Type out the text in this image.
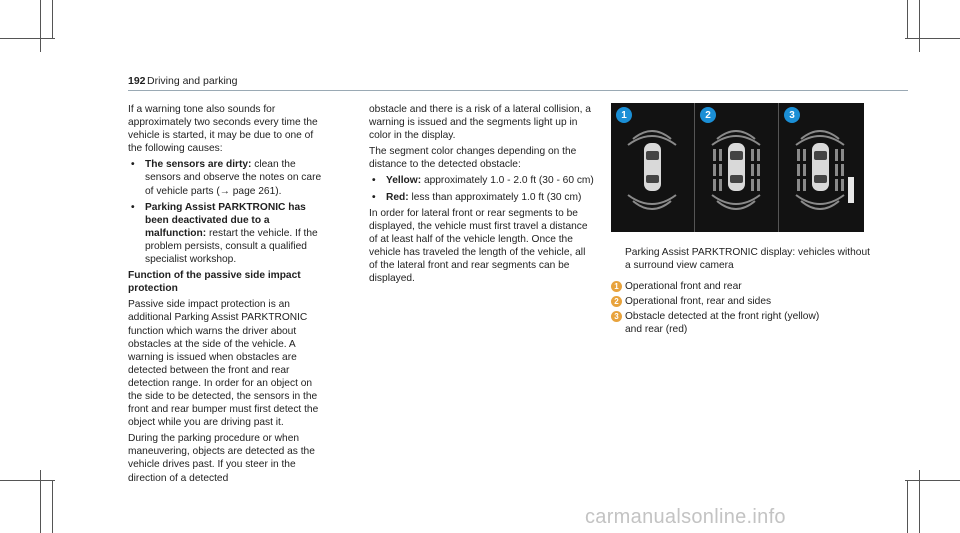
192 Driving and parking

If a warning tone also sounds for approximately two seconds every time the vehicle is started, it may be due to one of the following causes:

• The sensors are dirty: clean the sensors and observe the notes on care of vehicle parts (→ page 261).
• Parking Assist PARKTRONIC has been deactivated due to a malfunction: restart the vehicle. If the problem persists, consult a qualified specialist workshop.

Function of the passive side impact protection

Passive side impact protection is an additional Parking Assist PARKTRONIC function which warns the driver about obstacles at the side of the vehicle. A warning is issued when obstacles are detected between the front and rear detection range. In order for an object on the side to be detected, the sensors in the front and rear bumper must first detect the object while you are driving past it.

During the parking procedure or when maneuvering, objects are detected as the vehicle drives past. If you steer in the direction of a detected

obstacle and there is a risk of a lateral collision, a warning is issued and the segments light up in color in the display.

The segment color changes depending on the distance to the detected obstacle:

• Yellow: approximately 1.0 - 2.0 ft (30 - 60 cm)
• Red: less than approximately 1.0 ft (30 cm)

In order for lateral front or rear segments to be displayed, the vehicle must first travel a distance of at least half of the vehicle length. Once the vehicle has traveled the length of the vehicle, all of the lateral front and rear segments can be displayed.

1	2	3
Parking Assist PARKTRONIC display: vehicles without a surround view camera
1 Operational front and rear
2 Operational front, rear and sides
3 Obstacle detected at the front right (yellow) and rear (red)
carmanualsonline.info
